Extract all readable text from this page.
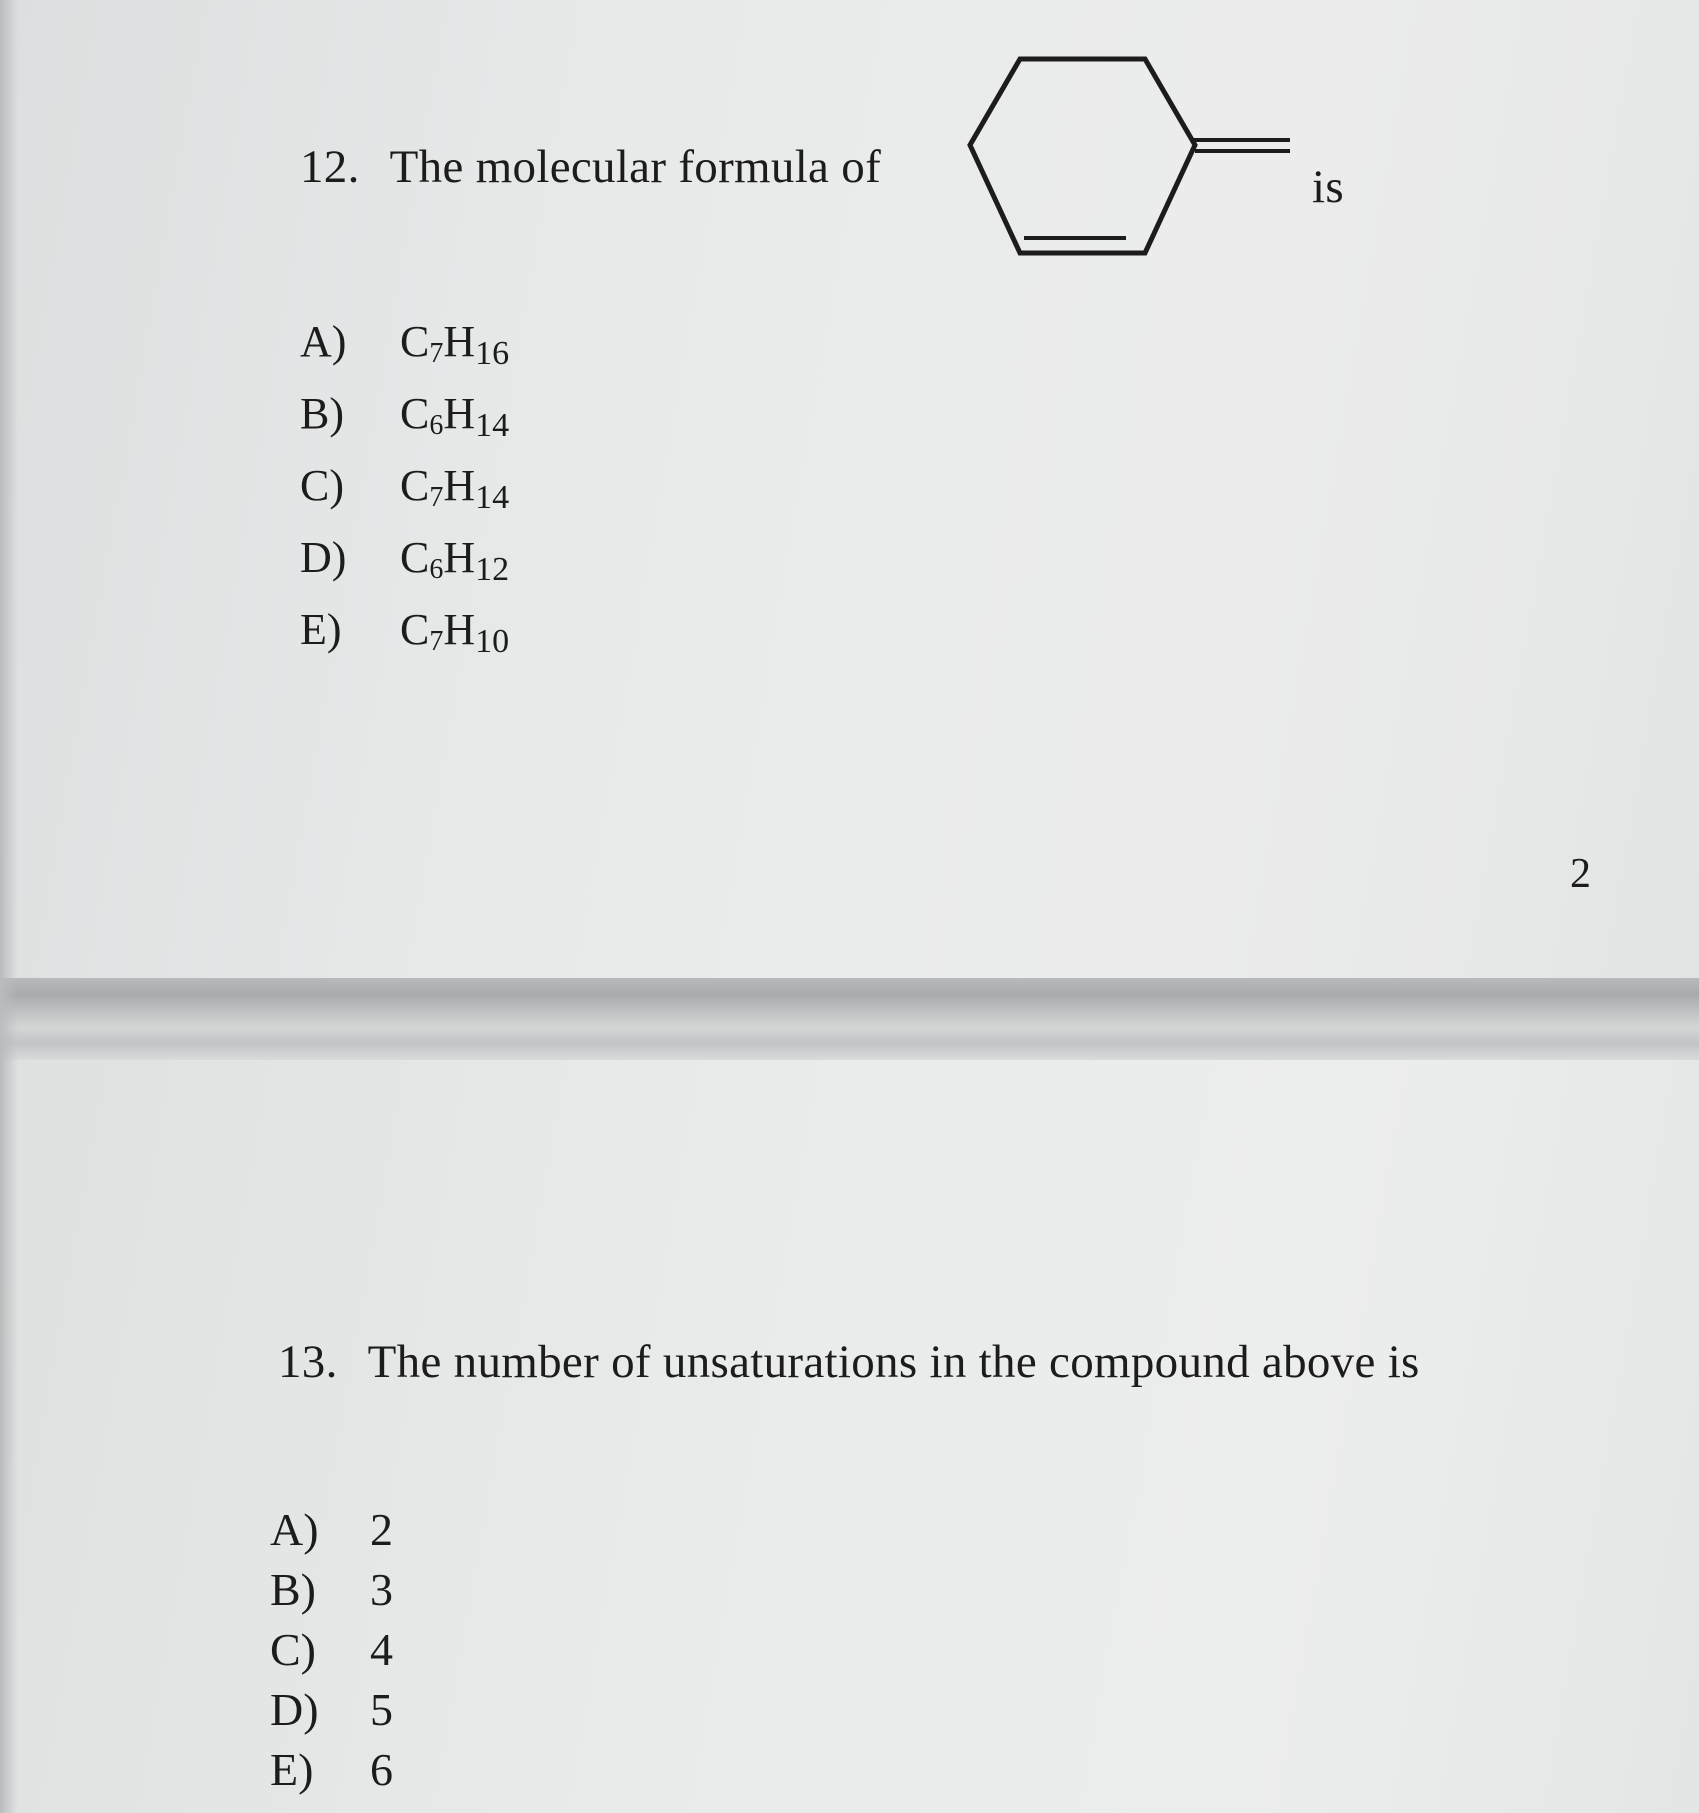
12. The molecular formula of	is
A)	C7H16
B)	C6H14
C)	C7H14
D)	C6H12
E)	C7H10
2
13. The number of unsaturations in the compound above is
A)	2
B)	3
C)	4
D)	5
E)	6
